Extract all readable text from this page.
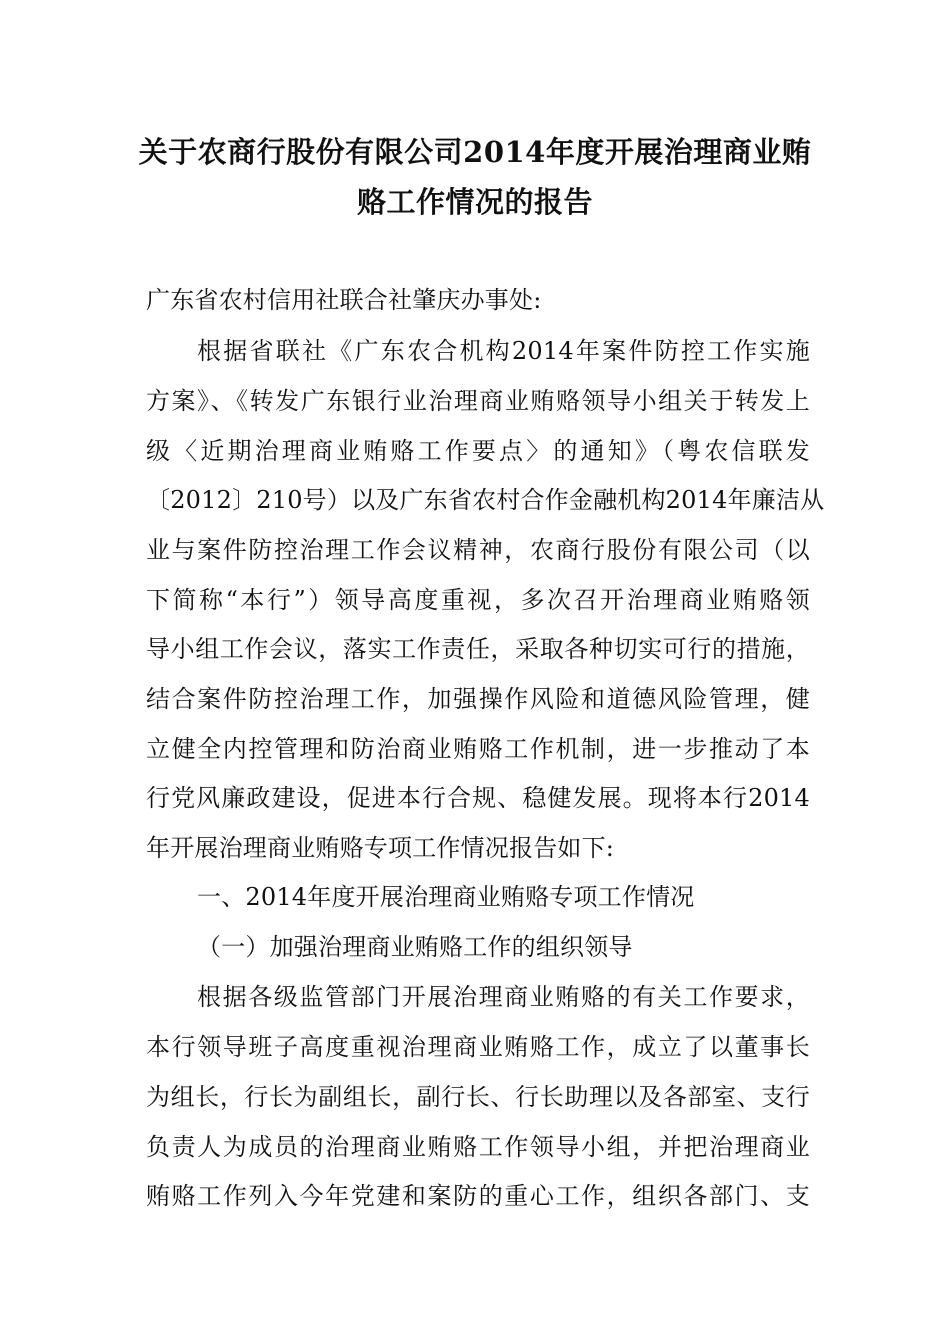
关于农商行股份有限公司2014年度开展治理商业贿
赂工作情况的报告
广东省农村信用社联合社肇庆办事处:
根据省联社《广东农合机构2014年案件防控工作实施
方案》、《转发广东银行业治理商业贿赂领导小组关于转发上
级〈近期治理商业贿赂工作要点〉的通知》（粤农信联发
〔2012〕210号）以及广东省农村合作金融机构2014年廉洁从
业与案件防控治理工作会议精神，农商行股份有限公司（以
下简称“本行”）领导高度重视，多次召开治理商业贿赂领
导小组工作会议，落实工作责任，采取各种切实可行的措施，
结合案件防控治理工作，加强操作风险和道德风险管理，健
立健全内控管理和防治商业贿赂工作机制，进一步推动了本
行党风廉政建设，促进本行合规、稳健发展。现将本行2014
年开展治理商业贿赂专项工作情况报告如下:
一、2014年度开展治理商业贿赂专项工作情况
（一）加强治理商业贿赂工作的组织领导
根据各级监管部门开展治理商业贿赂的有关工作要求，
本行领导班子高度重视治理商业贿赂工作，成立了以董事长
为组长，行长为副组长，副行长、行长助理以及各部室、支行
负责人为成员的治理商业贿赂工作领导小组，并把治理商业
贿赂工作列入今年党建和案防的重心工作，组织各部门、支
